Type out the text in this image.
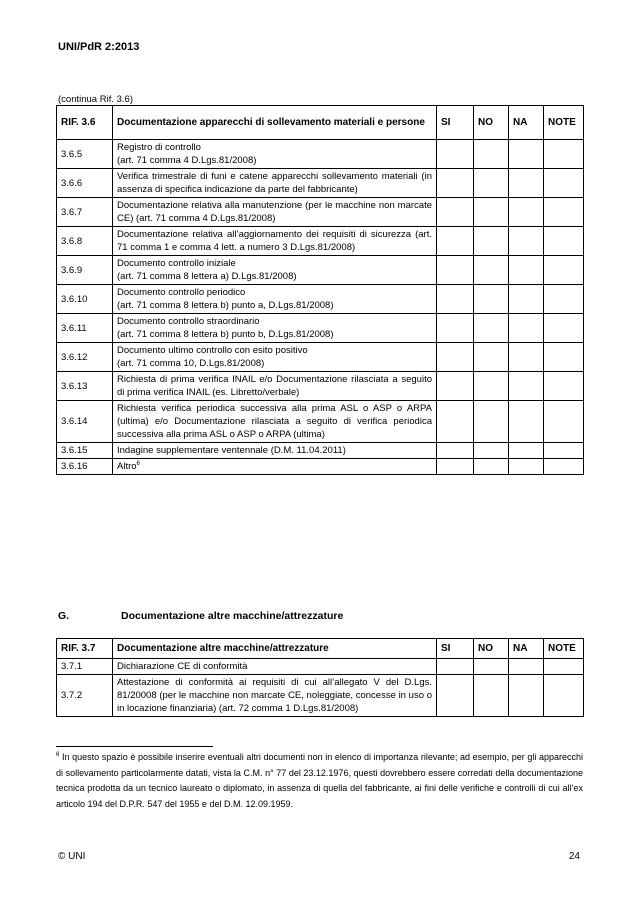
UNI/PdR 2:2013
(continua Rif. 3.6)
RIF. 3.6	Documentazione apparecchi di sollevamento materiali e persone	SI	NO	NA	NOTE
3.6.5	Registro di controllo
(art. 71 comma 4 D.Lgs.81/2008)				
3.6.6	Verifica trimestrale di funi e catene apparecchi sollevamento materiali (in assenza di specifica indicazione da parte del fabbricante)				
3.6.7	Documentazione relativa alla manutenzione (per le macchine non marcate CE) (art. 71 comma 4 D.Lgs.81/2008)				
3.6.8	Documentazione relativa all’aggiornamento dei requisiti di sicurezza (art. 71 comma 1 e comma 4 lett. a numero 3 D.Lgs.81/2008)				
3.6.9	Documento controllo iniziale
(art. 71 comma 8 lettera a) D.Lgs.81/2008)				
3.6.10	Documento controllo periodico
(art. 71 comma 8 lettera b) punto a, D.Lgs.81/2008)				
3.6.11	Documento controllo straordinario
(art. 71 comma 8 lettera b) punto b, D.Lgs.81/2008)				
3.6.12	Documento ultimo controllo con esito positivo
(art. 71 comma 10, D.Lgs.81/2008)				
3.6.13	Richiesta di prima verifica INAIL e/o Documentazione rilasciata a seguito di prima verifica INAIL (es. Libretto/verbale)				
3.6.14	Richiesta verifica periodica successiva alla prima ASL o ASP o ARPA (ultima) e/o Documentazione rilasciata a seguito di verifica periodica successiva alla prima ASL o ASP o ARPA (ultima)				
3.6.15	Indagine supplementare ventennale (D.M. 11.04.2011)				
3.6.16	Altro$^6$				
G.	Documentazione altre macchine/attrezzature
RIF. 3.7	Documentazione altre macchine/attrezzature	SI	NO	NA	NOTE
3.7.1	Dichiarazione CE di conformità				
3.7.2	Attestazione di conformità ai requisiti di cui all’allegato V del D.Lgs. 81/20008 (per le macchine non marcate CE, noleggiate, concesse in uso o in locazione finanziaria) (art. 72 comma 1 D.Lgs.81/2008)				
$^6$ In questo spazio è possibile inserire eventuali altri documenti non in elenco di importanza rilevante; ad esempio, per gli apparecchi di sollevamento particolarmente datati, vista la C.M. n° 77 del 23.12.1976, questi dovrebbero essere corredati della documentazione tecnica prodotta da un tecnico laureato o diplomato, in assenza di quella del fabbricante, ai fini delle verifiche e controlli di cui all’ex articolo 194 del D.P.R. 547 del 1955 e del D.M. 12.09.1959.
© UNI	24
